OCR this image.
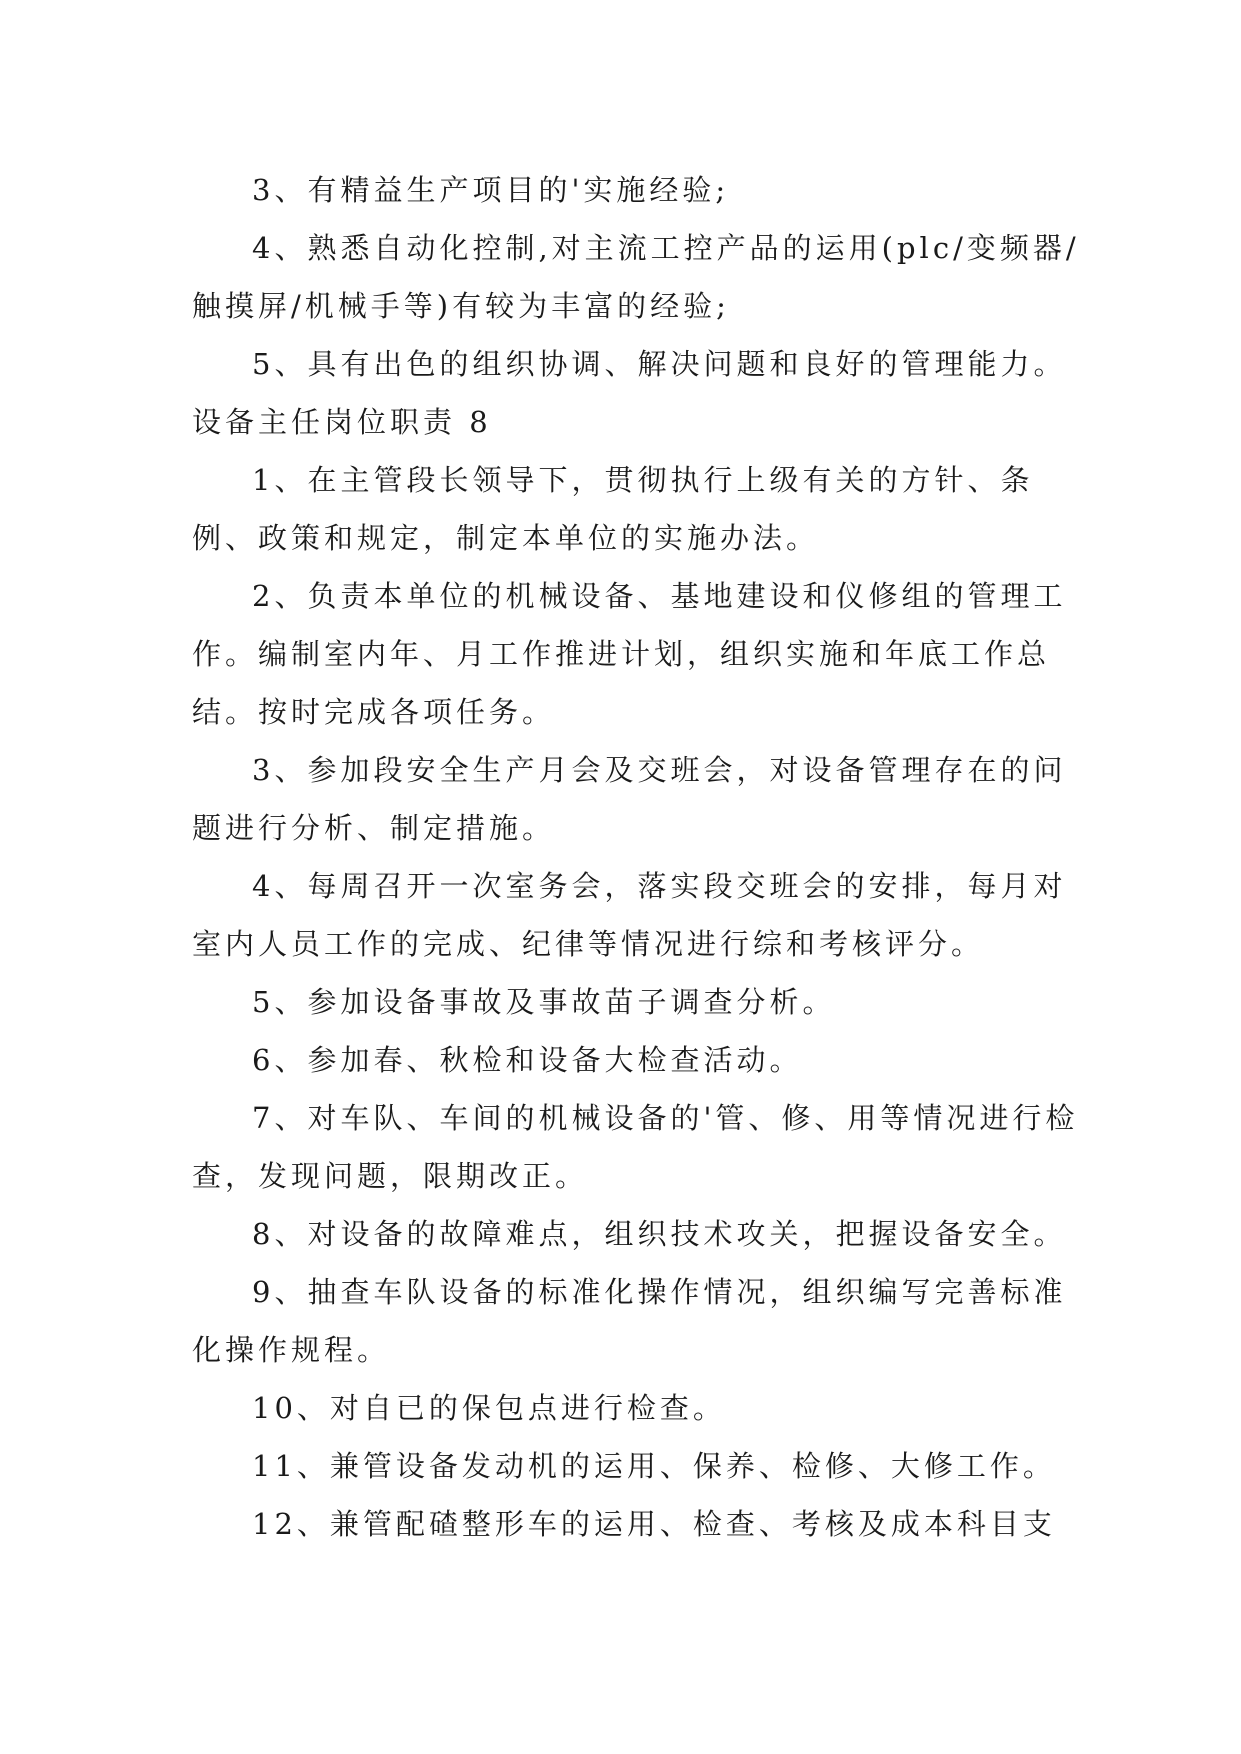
3、有精益生产项目的'实施经验;

4、熟悉自动化控制,对主流工控产品的运用(plc/变频器/触摸屏/机械手等)有较为丰富的经验;

5、具有出色的组织协调、解决问题和良好的管理能力。

设备主任岗位职责 8

1、在主管段长领导下，贯彻执行上级有关的方针、条例、政策和规定，制定本单位的实施办法。

2、负责本单位的机械设备、基地建设和仪修组的管理工作。编制室内年、月工作推进计划，组织实施和年底工作总结。按时完成各项任务。

3、参加段安全生产月会及交班会，对设备管理存在的问题进行分析、制定措施。

4、每周召开一次室务会，落实段交班会的安排，每月对室内人员工作的完成、纪律等情况进行综和考核评分。

5、参加设备事故及事故苗子调查分析。

6、参加春、秋检和设备大检查活动。

7、对车队、车间的机械设备的'管、修、用等情况进行检查，发现问题，限期改正。

8、对设备的故障难点，组织技术攻关，把握设备安全。

9、抽查车队设备的标准化操作情况，组织编写完善标准化操作规程。

10、对自已的保包点进行检查。

11、兼管设备发动机的运用、保养、检修、大修工作。

12、兼管配碴整形车的运用、检查、考核及成本科目支
